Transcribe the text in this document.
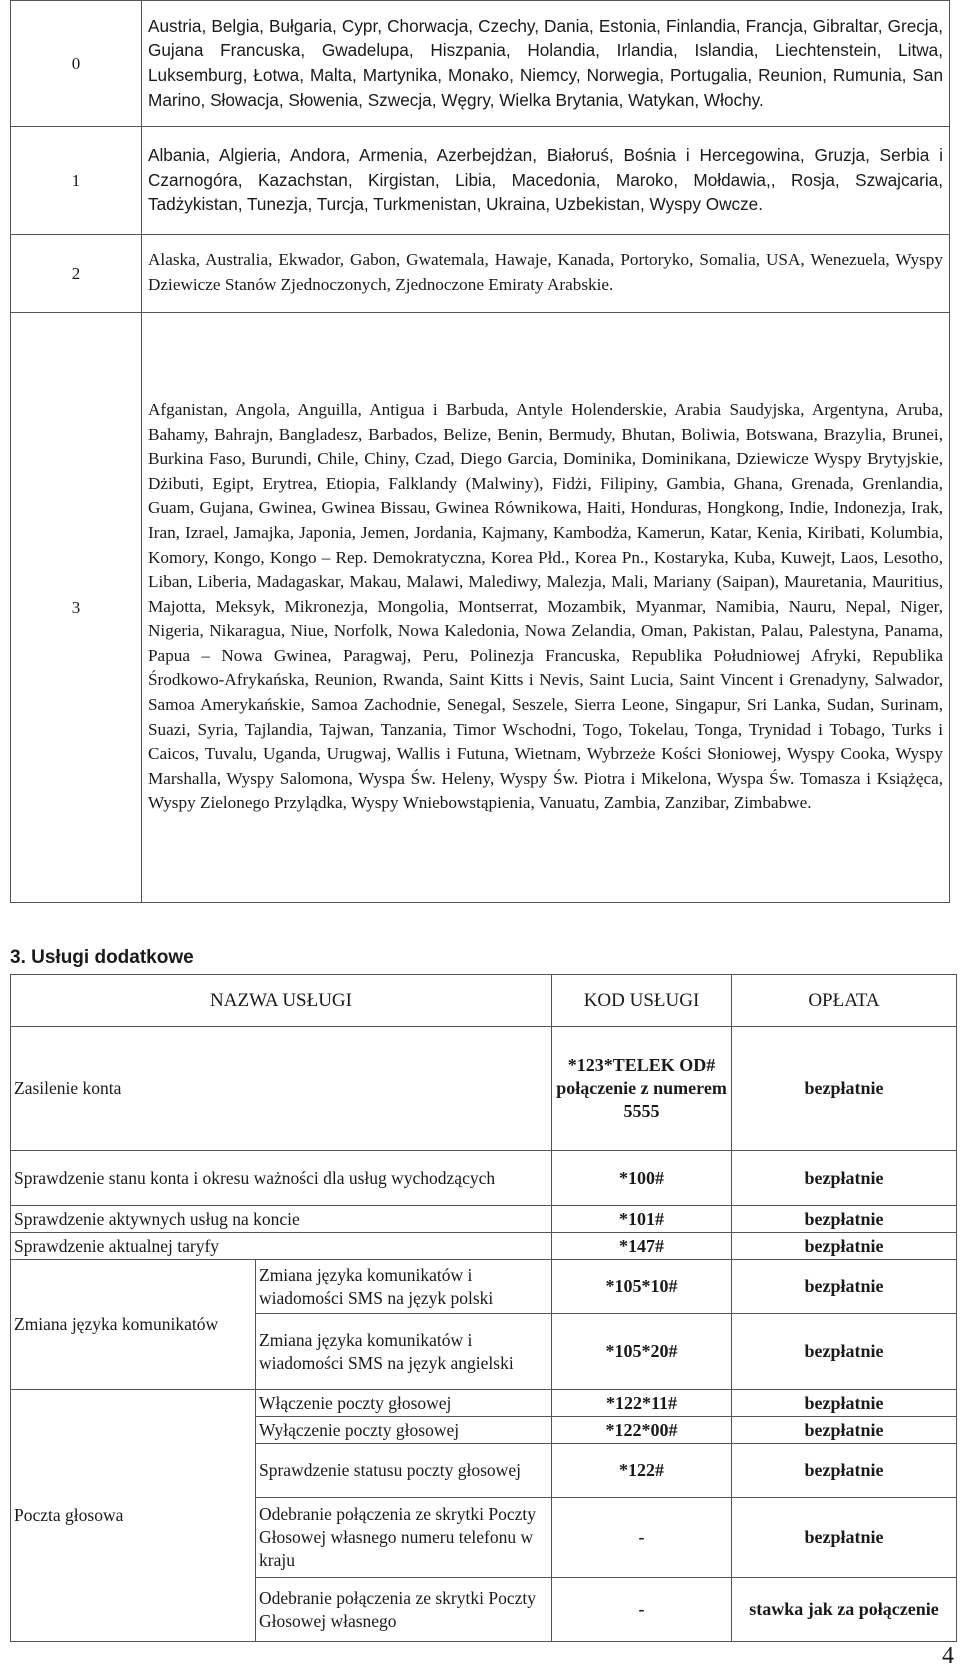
0	Austria, Belgia, Bułgaria, Cypr, Chorwacja, Czechy, Dania, Estonia, Finlandia, Francja, Gibraltar, Grecja, Gujana Francuska, Gwadelupa, Hiszpania, Holandia, Irlandia, Islandia, Liechtenstein, Litwa, Luksemburg, Łotwa, Malta, Martynika, Monako, Niemcy, Norwegia, Portugalia, Reunion, Rumunia, San Marino, Słowacja, Słowenia, Szwecja, Węgry, Wielka Brytania, Watykan, Włochy.
1	Albania, Algieria, Andora, Armenia, Azerbejdżan, Białoruś, Bośnia i Hercegowina, Gruzja, Serbia i Czarnogóra, Kazachstan, Kirgistan, Libia, Macedonia, Maroko, Mołdawia,, Rosja, Szwajcaria, Tadżykistan, Tunezja, Turcja, Turkmenistan, Ukraina, Uzbekistan, Wyspy Owcze.
2	Alaska, Australia, Ekwador, Gabon, Gwatemala, Hawaje, Kanada, Portoryko, Somalia, USA, Wenezuela, Wyspy Dziewicze Stanów Zjednoczonych, Zjednoczone Emiraty Arabskie.
3	Afganistan, Angola, Anguilla, Antigua i Barbuda, Antyle Holenderskie, Arabia Saudyjska, Argentyna, Aruba, Bahamy, Bahrajn, Bangladesz, Barbados, Belize, Benin, Bermudy, Bhutan, Boliwia, Botswana, Brazylia, Brunei, Burkina Faso, Burundi, Chile, Chiny, Czad, Diego Garcia, Dominika, Dominikana, Dziewicze Wyspy Brytyjskie, Dżibuti, Egipt, Erytrea, Etiopia, Falklandy (Malwiny), Fidżi, Filipiny, Gambia, Ghana, Grenada, Grenlandia, Guam, Gujana, Gwinea, Gwinea Bissau, Gwinea Równikowa, Haiti, Honduras, Hongkong, Indie, Indonezja, Irak, Iran, Izrael, Jamajka, Japonia, Jemen, Jordania, Kajmany, Kambodża, Kamerun, Katar, Kenia, Kiribati, Kolumbia, Komory, Kongo, Kongo – Rep. Demokratyczna, Korea Płd., Korea Pn., Kostaryka, Kuba, Kuwejt, Laos, Lesotho, Liban, Liberia, Madagaskar, Makau, Malawi, Malediwy, Malezja, Mali, Mariany (Saipan), Mauretania, Mauritius, Majotta, Meksyk, Mikronezja, Mongolia, Montserrat, Mozambik, Myanmar, Namibia, Nauru, Nepal, Niger, Nigeria, Nikaragua, Niue, Norfolk, Nowa Kaledonia, Nowa Zelandia, Oman, Pakistan, Palau, Palestyna, Panama, Papua – Nowa Gwinea, Paragwaj, Peru, Polinezja Francuska, Republika Południowej Afryki, Republika Środkowo-Afrykańska, Reunion, Rwanda, Saint Kitts i Nevis, Saint Lucia, Saint Vincent i Grenadyny, Salwador, Samoa Amerykańskie, Samoa Zachodnie, Senegal, Seszele, Sierra Leone, Singapur, Sri Lanka, Sudan, Surinam, Suazi, Syria, Tajlandia, Tajwan, Tanzania, Timor Wschodni, Togo, Tokelau, Tonga, Trynidad i Tobago, Turks i Caicos, Tuvalu, Uganda, Urugwaj, Wallis i Futuna, Wietnam, Wybrzeże Kości Słoniowej, Wyspy Cooka, Wyspy Marshalla, Wyspy Salomona, Wyspa Św. Heleny, Wyspy Św. Piotra i Mikelona, Wyspa Św. Tomasza i Książęca, Wyspy Zielonego Przylądka, Wyspy Wniebowstąpienia, Vanuatu, Zambia, Zanzibar, Zimbabwe.
3. Usługi dodatkowe
NAZWA USŁUGI		KOD USŁUGI	OPŁATA
Zasilenie konta		*123*TELEK OD# połączenie z numerem 5555	bezpłatnie
Sprawdzenie stanu konta i okresu ważności dla usług wychodzących		*100#	bezpłatnie
Sprawdzenie aktywnych usług na koncie		*101#	bezpłatnie
Sprawdzenie aktualnej taryfy		*147#	bezpłatnie
Zmiana języka komunikatów	Zmiana języka komunikatów i wiadomości SMS na język polski	*105*10#	bezpłatnie
	Zmiana języka komunikatów i wiadomości SMS na język angielski	*105*20#	bezpłatnie
Poczta głosowa	Włączenie poczty głosowej	*122*11#	bezpłatnie
	Wyłączenie poczty głosowej	*122*00#	bezpłatnie
	Sprawdzenie statusu poczty głosowej	*122#	bezpłatnie
	Odebranie połączenia ze skrytki Poczty Głosowej własnego numeru telefonu w kraju	-	bezpłatnie
	Odebranie połączenia ze skrytki Poczty Głosowej własnego	-	stawka jak za połączenie
4
